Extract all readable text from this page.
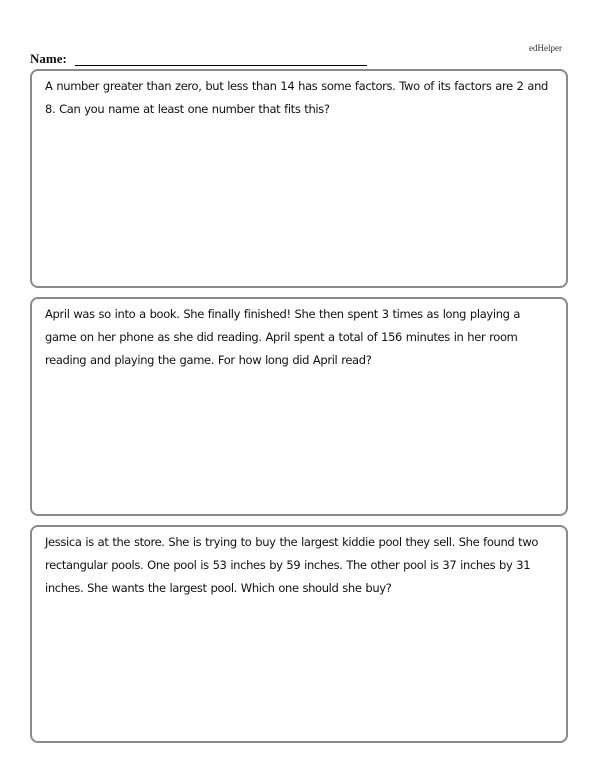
edHelper
Name:
A number greater than zero, but less than 14 has some factors. Two of its factors are 2 and 8. Can you name at least one number that fits this?
April was so into a book. She finally finished! She then spent 3 times as long playing a game on her phone as she did reading. April spent a total of 156 minutes in her room reading and playing the game. For how long did April read?
Jessica is at the store. She is trying to buy the largest kiddie pool they sell. She found two rectangular pools. One pool is 53 inches by 59 inches. The other pool is 37 inches by 31 inches. She wants the largest pool. Which one should she buy?
